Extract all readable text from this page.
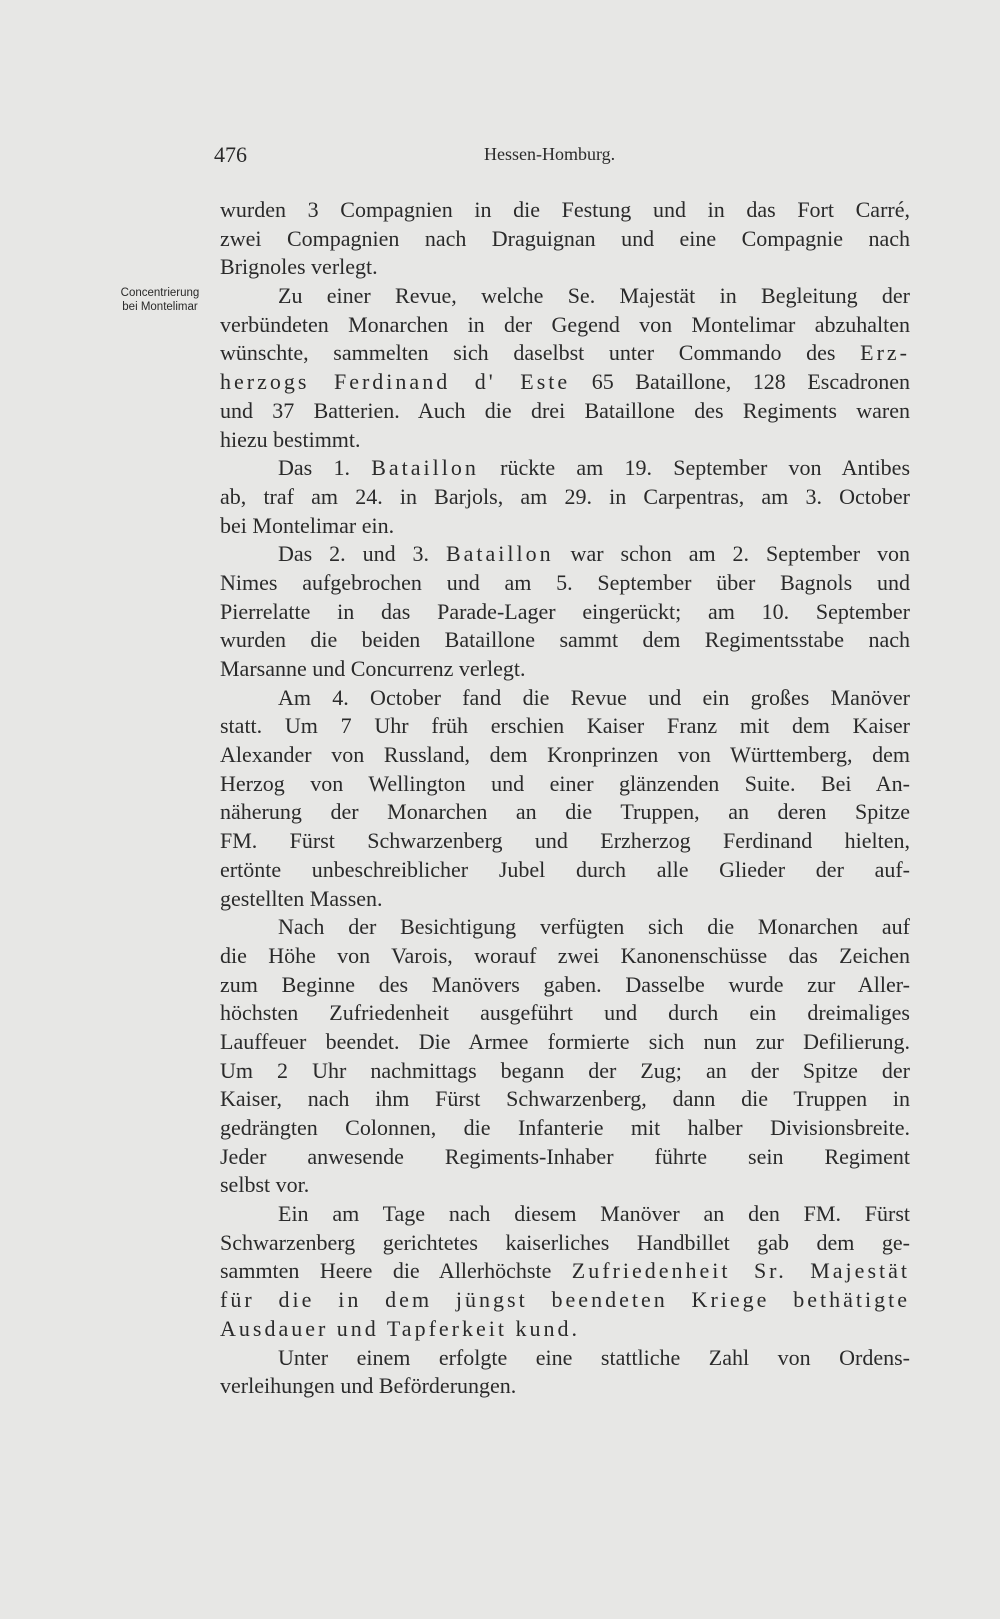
476	Hessen-Homburg.
Concentrierung
bei Montelimar
wurden 3 Compagnien in die Festung und in das Fort Carré,
zwei Compagnien nach Draguignan und eine Compagnie nach
Brignoles verlegt.
Zu einer Revue, welche Se. Majestät in Begleitung der
verbündeten Monarchen in der Gegend von Montelimar abzuhalten
wünschte, sammelten sich daselbst unter Commando des Erz-
herzogs Ferdinand d' Este 65 Bataillone, 128 Escadronen
und 37 Batterien. Auch die drei Bataillone des Regiments waren
hiezu bestimmt.
Das 1. Bataillon rückte am 19. September von Antibes
ab, traf am 24. in Barjols, am 29. in Carpentras, am 3. October
bei Montelimar ein.
Das 2. und 3. Bataillon war schon am 2. September von
Nimes aufgebrochen und am 5. September über Bagnols und
Pierrelatte in das Parade-Lager eingerückt; am 10. September
wurden die beiden Bataillone sammt dem Regimentsstabe nach
Marsanne und Concurrenz verlegt.
Am 4. October fand die Revue und ein großes Manöver
statt. Um 7 Uhr früh erschien Kaiser Franz mit dem Kaiser
Alexander von Russland, dem Kronprinzen von Württemberg, dem
Herzog von Wellington und einer glänzenden Suite. Bei An-
näherung der Monarchen an die Truppen, an deren Spitze
FM. Fürst Schwarzenberg und Erzherzog Ferdinand hielten,
ertönte unbeschreiblicher Jubel durch alle Glieder der auf-
gestellten Massen.
Nach der Besichtigung verfügten sich die Monarchen auf
die Höhe von Varois, worauf zwei Kanonenschüsse das Zeichen
zum Beginne des Manövers gaben. Dasselbe wurde zur Aller-
höchsten Zufriedenheit ausgeführt und durch ein dreimaliges
Lauffeuer beendet. Die Armee formierte sich nun zur Defilierung.
Um 2 Uhr nachmittags begann der Zug; an der Spitze der
Kaiser, nach ihm Fürst Schwarzenberg, dann die Truppen in
gedrängten Colonnen, die Infanterie mit halber Divisionsbreite.
Jeder anwesende Regiments-Inhaber führte sein Regiment
selbst vor.
Ein am Tage nach diesem Manöver an den FM. Fürst
Schwarzenberg gerichtetes kaiserliches Handbillet gab dem ge-
sammten Heere die Allerhöchste Zufriedenheit Sr. Majestät
für die in dem jüngst beendeten Kriege bethätigte
Ausdauer und Tapferkeit kund.
Unter einem erfolgte eine stattliche Zahl von Ordens-
verleihungen und Beförderungen.
